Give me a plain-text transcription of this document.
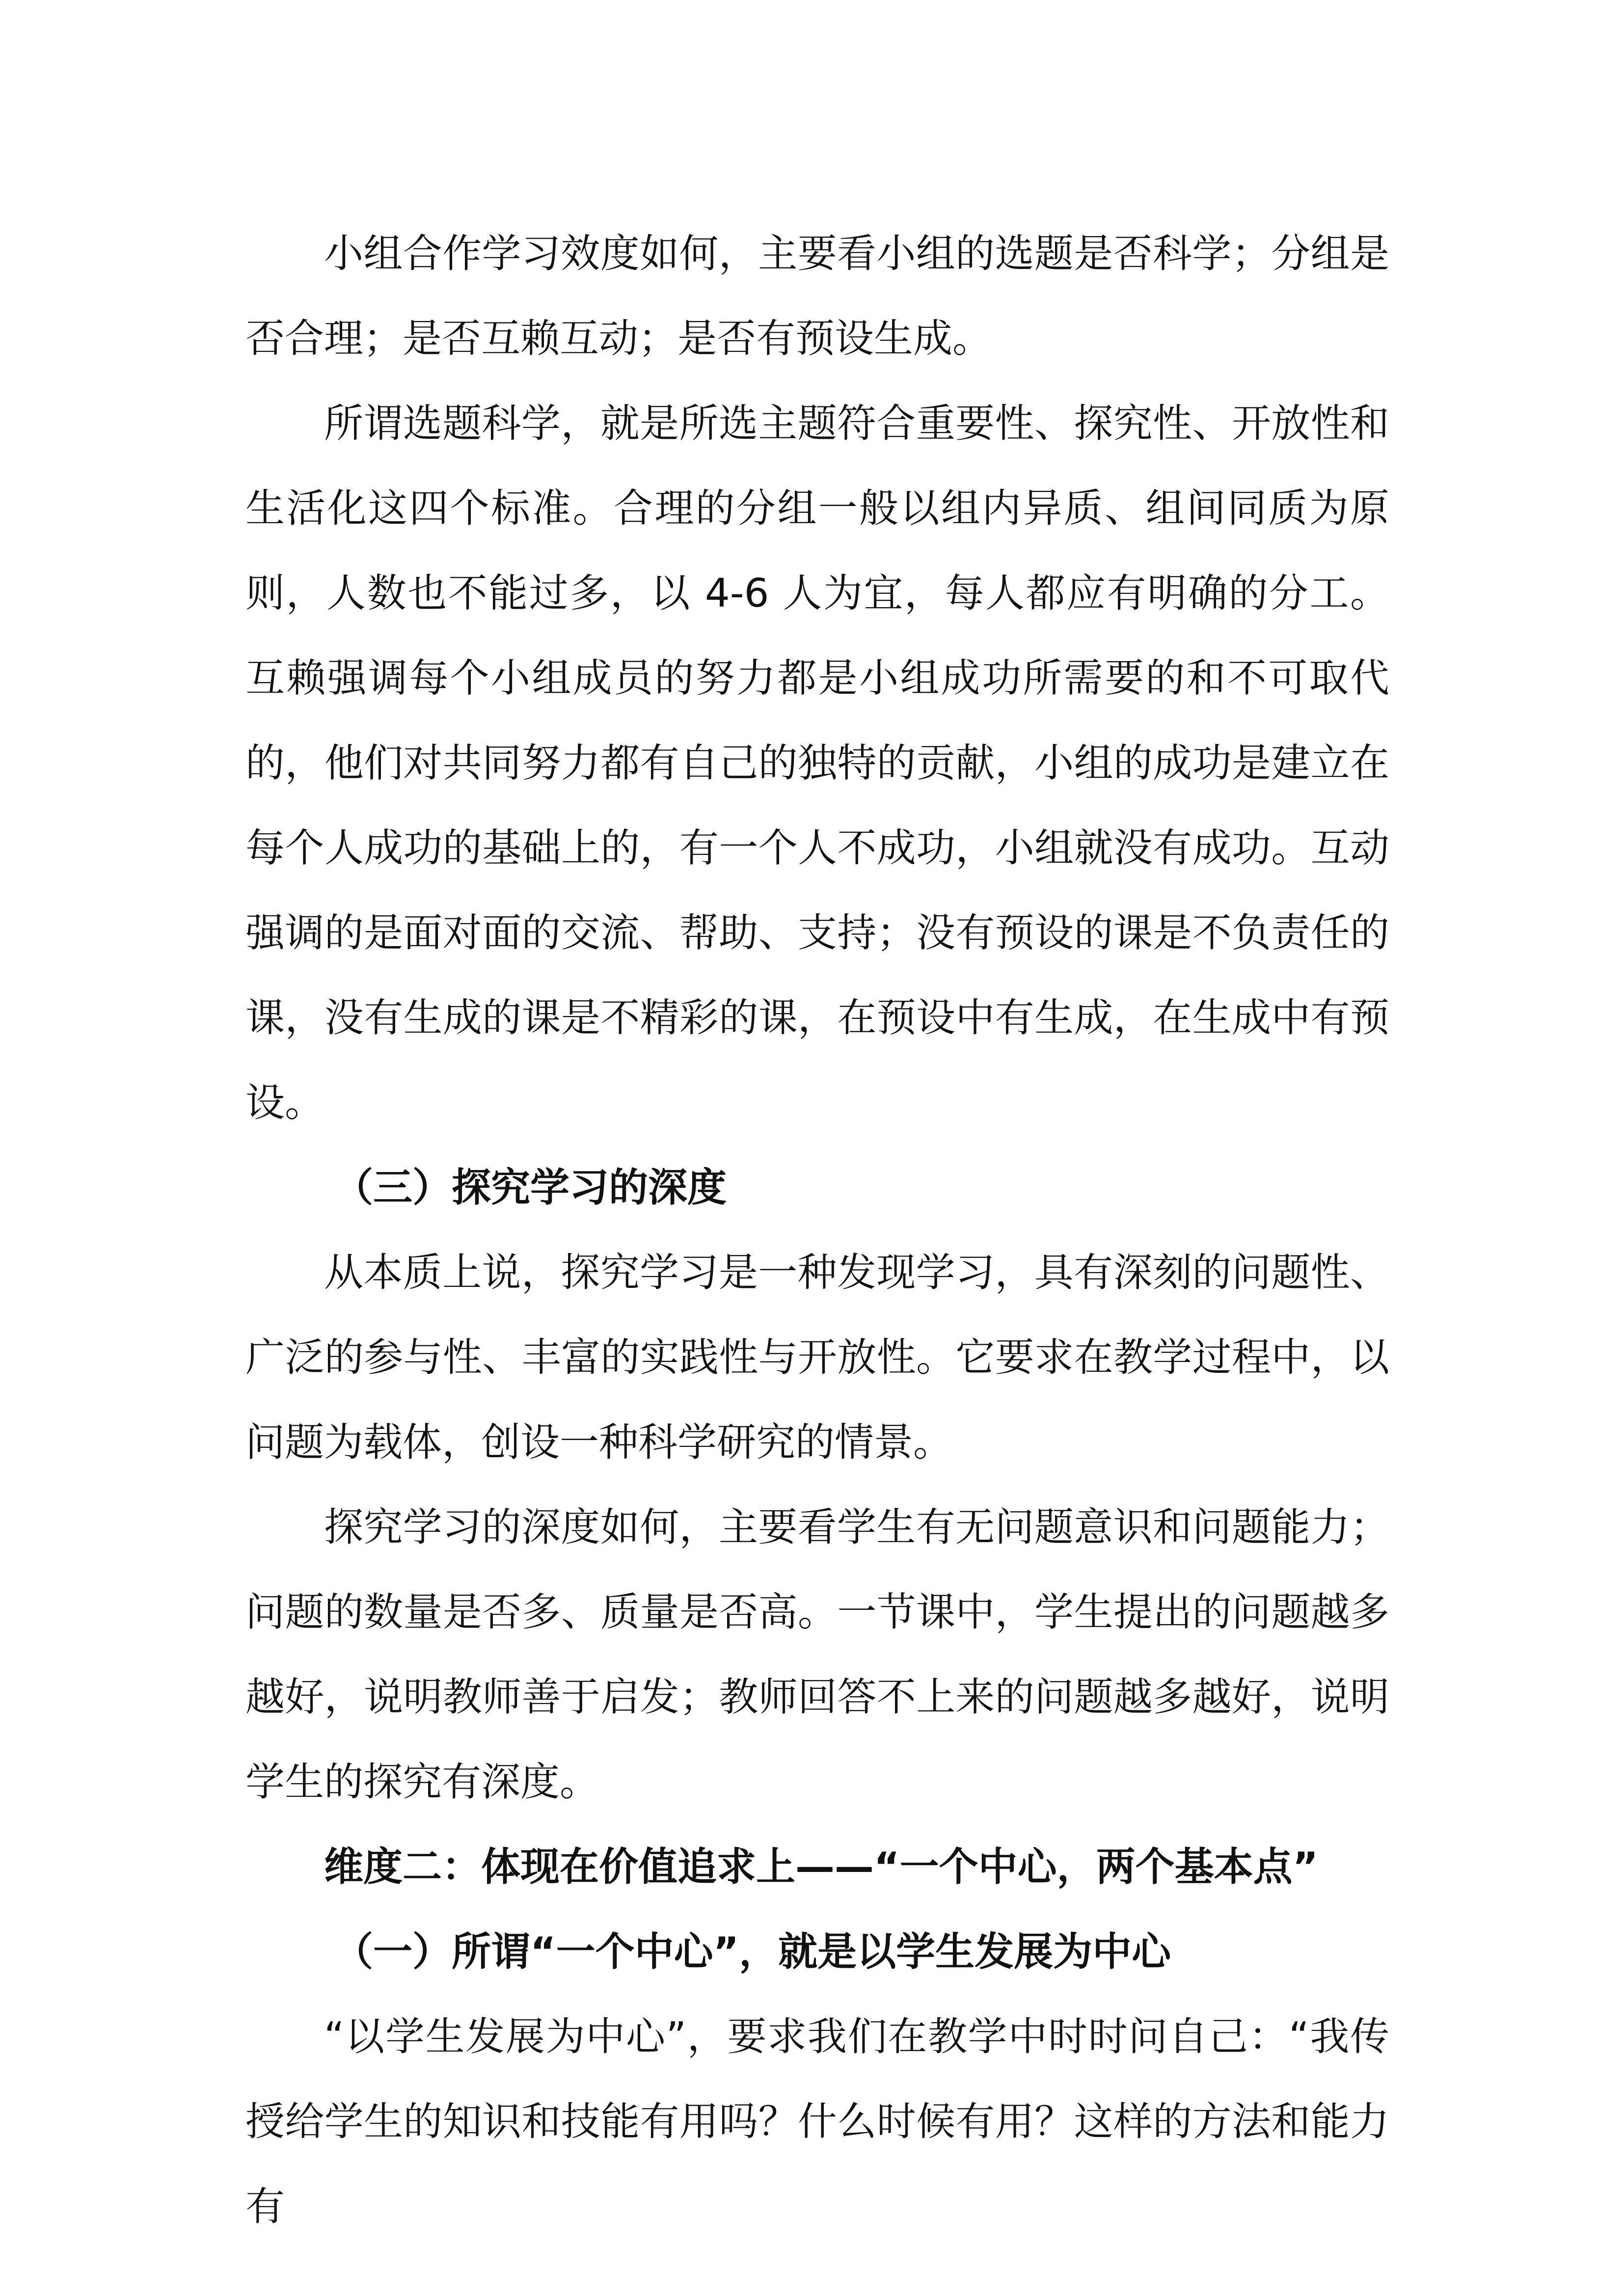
小组合作学习效度如何，主要看小组的选题是否科学；分组是否合理；是否互赖互动；是否有预设生成。

所谓选题科学，就是所选主题符合重要性、探究性、开放性和生活化这四个标准。合理的分组一般以组内异质、组间同质为原则，人数也不能过多，以 4-6 人为宜，每人都应有明确的分工。互赖强调每个小组成员的努力都是小组成功所需要的和不可取代的，他们对共同努力都有自己的独特的贡献，小组的成功是建立在每个人成功的基础上的，有一个人不成功，小组就没有成功。互动强调的是面对面的交流、帮助、支持；没有预设的课是不负责任的课，没有生成的课是不精彩的课，在预设中有生成，在生成中有预设。

（三）探究学习的深度

从本质上说，探究学习是一种发现学习，具有深刻的问题性、广泛的参与性、丰富的实践性与开放性。它要求在教学过程中，以问题为载体，创设一种科学研究的情景。

探究学习的深度如何，主要看学生有无问题意识和问题能力；问题的数量是否多、质量是否高。一节课中，学生提出的问题越多越好，说明教师善于启发；教师回答不上来的问题越多越好，说明学生的探究有深度。

维度二：体现在价值追求上——“一个中心，两个基本点”

（一）所谓“一个中心”，就是以学生发展为中心

“以学生发展为中心”，要求我们在教学中时时问自己：“我传授给学生的知识和技能有用吗？什么时候有用？这样的方法和能力有
